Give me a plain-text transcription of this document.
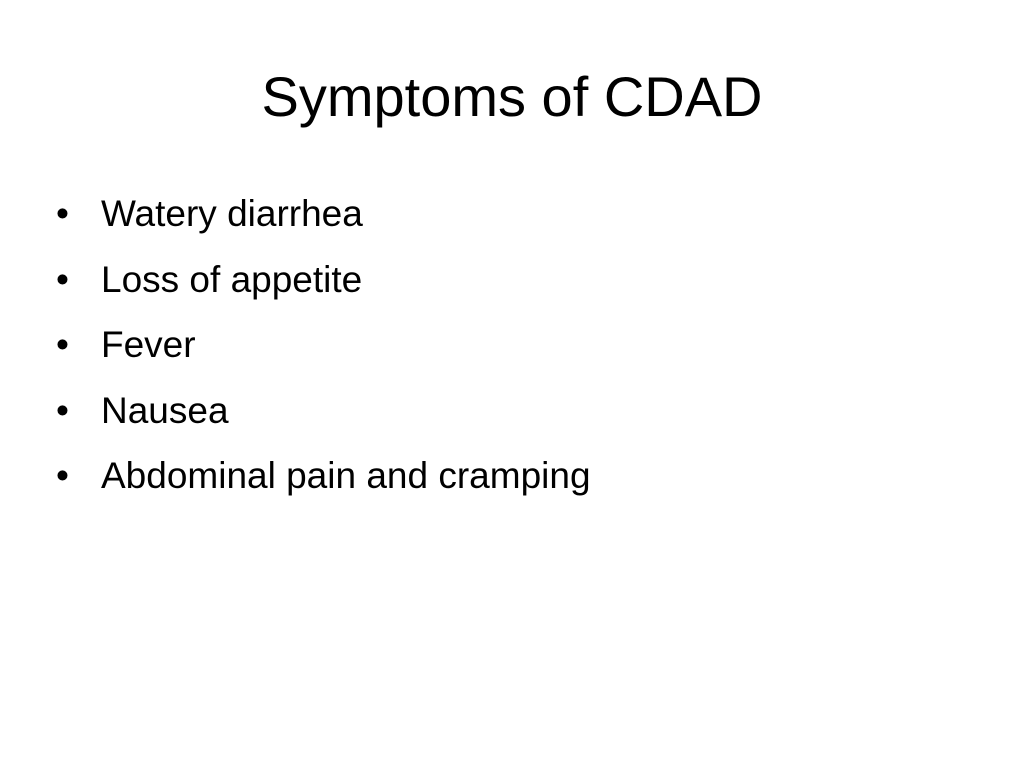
Symptoms of CDAD
• Watery diarrhea
• Loss of appetite
• Fever
• Nausea
• Abdominal pain and cramping
